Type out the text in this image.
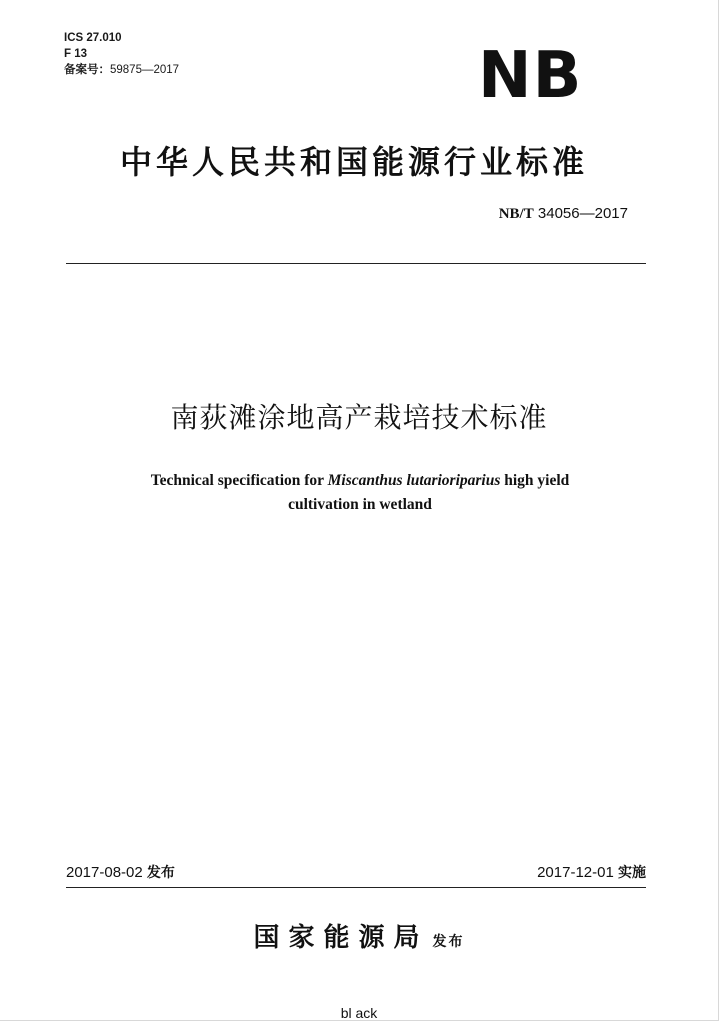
ICS 27.010
F 13
备案号：59875—2017	NB
中华人民共和国能源行业标准
NB/T 34056—2017
南荻滩涂地高产栽培技术标准
Technical specification for Miscanthus lutarioriparius high yield
cultivation in wetland
2017-08-02 发布	2017-12-01 实施
国家能源局 发布
bl ack
